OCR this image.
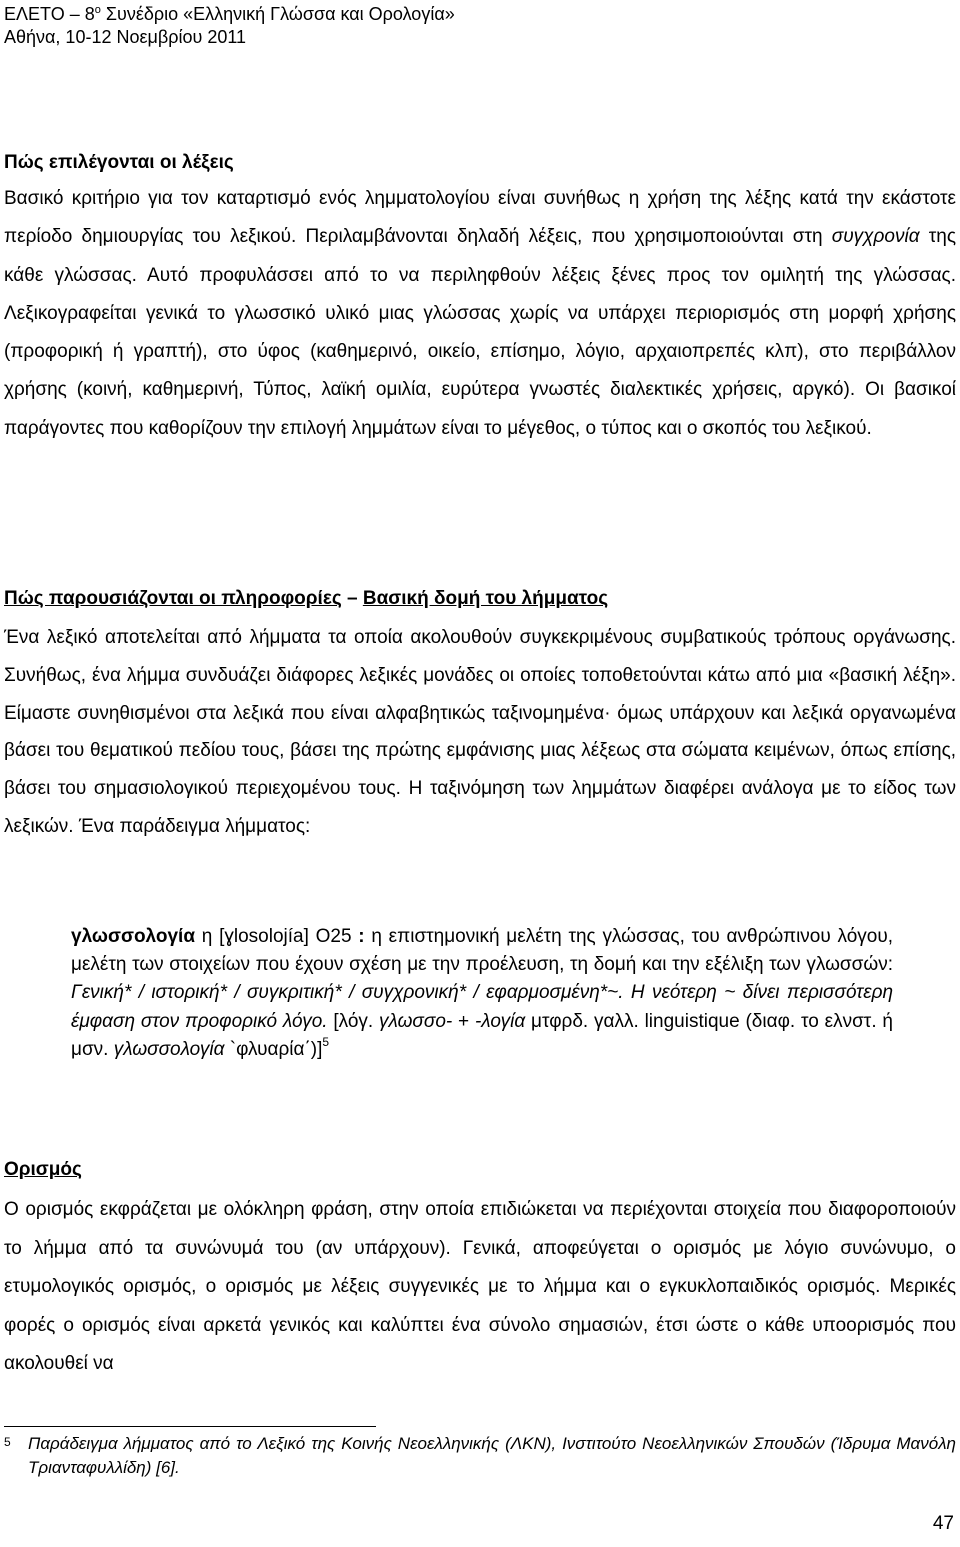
ΕΛΕΤΟ – $8^o$ Συνέδριο «Ελληνική Γλώσσα και Ορολογία»
Αθήνα, 10-12 Νοεμβρίου 2011
Πώς επιλέγονται οι λέξεις
Βασικό κριτήριο για τον καταρτισμό ενός λημματολογίου είναι συνήθως η χρήση της λέξης κατά την εκάστοτε περίοδο δημιουργίας του λεξικού. Περιλαμβάνονται δηλαδή λέξεις, που χρησιμοποιούνται στη συγχρονία της κάθε γλώσσας. Αυτό προφυλάσσει από το να περιληφθούν λέξεις ξένες προς τον ομιλητή της γλώσσας. Λεξικογραφείται γενικά το γλωσσικό υλικό μιας γλώσσας χωρίς να υπάρχει περιορισμός στη μορφή χρήσης (προφορική ή γραπτή), στο ύφος (καθημερινό, οικείο, επίσημο, λόγιο, αρχαιοπρεπές κλπ), στο περιβάλλον χρήσης (κοινή, καθημερινή, Τύπος, λαϊκή ομιλία, ευρύτερα γνωστές διαλεκτικές χρήσεις, αργκό). Οι βασικοί παράγοντες που καθορίζουν την επιλογή λημμάτων είναι το μέγεθος, ο τύπος και ο σκοπός του λεξικού.
Πώς παρουσιάζονται οι πληροφορίες – Βασική δομή του λήμματος
Ένα λεξικό αποτελείται από λήμματα τα οποία ακολουθούν συγκεκριμένους συμβατικούς τρόπους οργάνωσης. Συνήθως, ένα λήμμα συνδυάζει διάφορες λεξικές μονάδες οι οποίες τοποθετούνται κάτω από μια «βασική λέξη». Είμαστε συνηθισμένοι στα λεξικά που είναι αλφαβητικώς ταξινομημένα· όμως υπάρχουν και λεξικά οργανωμένα βάσει του θεματικού πεδίου τους, βάσει της πρώτης εμφάνισης μιας λέξεως στα σώματα κειμένων, όπως επίσης, βάσει του σημασιολογικού περιεχομένου τους. Η ταξινόμηση των λημμάτων διαφέρει ανάλογα με το είδος των λεξικών. Ένα παράδειγμα λήμματος:
γλωσσολογία η [ɣlosolojía] Ο25 : η επιστημονική μελέτη της γλώσσας, του ανθρώπινου λόγου, μελέτη των στοιχείων που έχουν σχέση με την προέλευση, τη δομή και την εξέλιξη των γλωσσών: Γενική* / ιστορική* / συγκριτική* / συγχρονική* / εφαρμοσμένη*~. Η νεότερη ~ δίνει περισσότερη έμφαση στον προφορικό λόγο. [λόγ. γλωσσο- + -λογία μτφρδ. γαλλ. linguistique (διαφ. το ελνστ. ή μσν. γλωσσολογία `φλυαρία΄)]$^5$
Ορισμός
Ο ορισμός εκφράζεται με ολόκληρη φράση, στην οποία επιδιώκεται να περιέχονται στοιχεία που διαφοροποιούν το λήμμα από τα συνώνυμά του (αν υπάρχουν). Γενικά, αποφεύγεται ο ορισμός με λόγιο συνώνυμο, ο ετυμολογικός ορισμός, ο ορισμός με λέξεις συγγενικές με το λήμμα και ο εγκυκλοπαιδικός ορισμός. Μερικές φορές ο ορισμός είναι αρκετά γενικός και καλύπτει ένα σύνολο σημασιών, έτσι ώστε ο κάθε υποορισμός που ακολουθεί να
5	Παράδειγμα λήμματος από το Λεξικό της Κοινής Νεοελληνικής (ΛΚΝ), Ινστιτούτο Νεοελληνικών Σπουδών (Ίδρυμα Μανόλη Τριανταφυλλίδη) [6].
47
